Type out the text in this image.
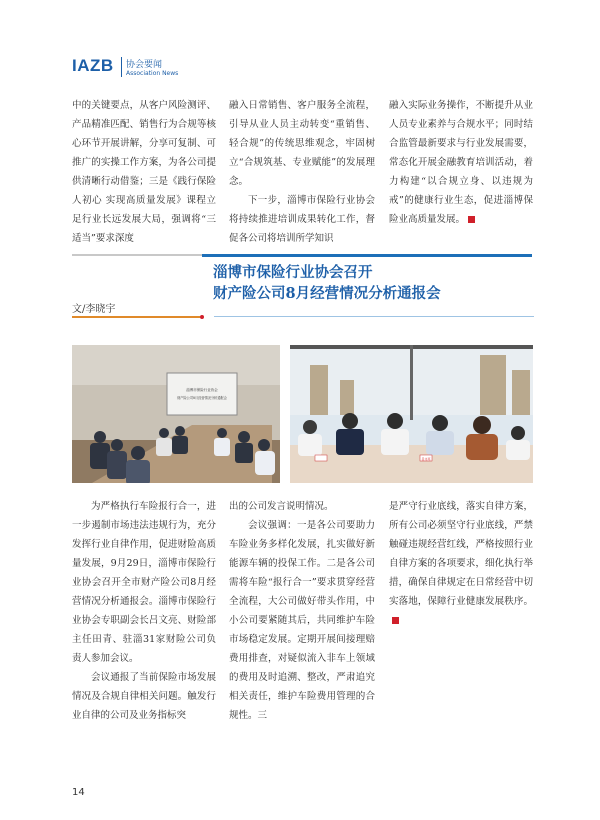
IAZB 协会要闻
Association News

中的关键要点，从客户风险测评、产品精准匹配、销售行为合规等核心环节开展讲解，分享可复制、可推广的实操工作方案，为各公司提供清晰行动借鉴；三是《践行保险人初心 实现高质量发展》课程立足行业长远发展大局，强调将“三适当”要求深度

融入日常销售、客户服务全流程，引导从业人员主动转变“重销售、轻合规”的传统思维观念，牢固树立“合规筑基、专业赋能”的发展理念。

下一步，淄博市保险行业协会将持续推进培训成果转化工作，督促各公司将培训所学知识

融入实际业务操作，不断提升从业人员专业素养与合规水平；同时结合监管最新要求与行业发展需要，常态化开展金融教育培训活动，着力构建“以合规立身、以违规为戒”的健康行业生态，促进淄博保险业高质量发展。

淄博市保险行业协会召开
财产险公司8月经营情况分析通报会
文/李晓宇
淄博市保险行业协会
财产险公司8月经营情况分析通报会
吕文亮

为严格执行车险报行合一，进一步遏制市场违法违规行为，充分发挥行业自律作用，促进财险高质量发展，9月29日，淄博市保险行业协会召开全市财产险公司8月经营情况分析通报会。淄博市保险行业协会专职副会长吕文亮、财险部主任田青、驻淄31家财险公司负责人参加会议。

会议通报了当前保险市场发展情况及合规自律相关问题。触发行业自律的公司及业务指标突

出的公司发言说明情况。

会议强调：一是各公司要助力车险业务多样化发展，扎实做好新能源车辆的投保工作。二是各公司需将车险“报行合一”要求贯穿经营全流程，大公司做好带头作用，中小公司要紧随其后，共同维护车险市场稳定发展。定期开展间接理赔费用排查，对疑似流入非车上领域的费用及时追溯、整改，严肃追究相关责任，维护车险费用管理的合规性。三

是严守行业底线，落实自律方案，所有公司必须坚守行业底线，严禁触碰违规经营红线，严格按照行业自律方案的各项要求，细化执行举措，确保自律规定在日常经营中切实落地，保障行业健康发展秩序。

14
